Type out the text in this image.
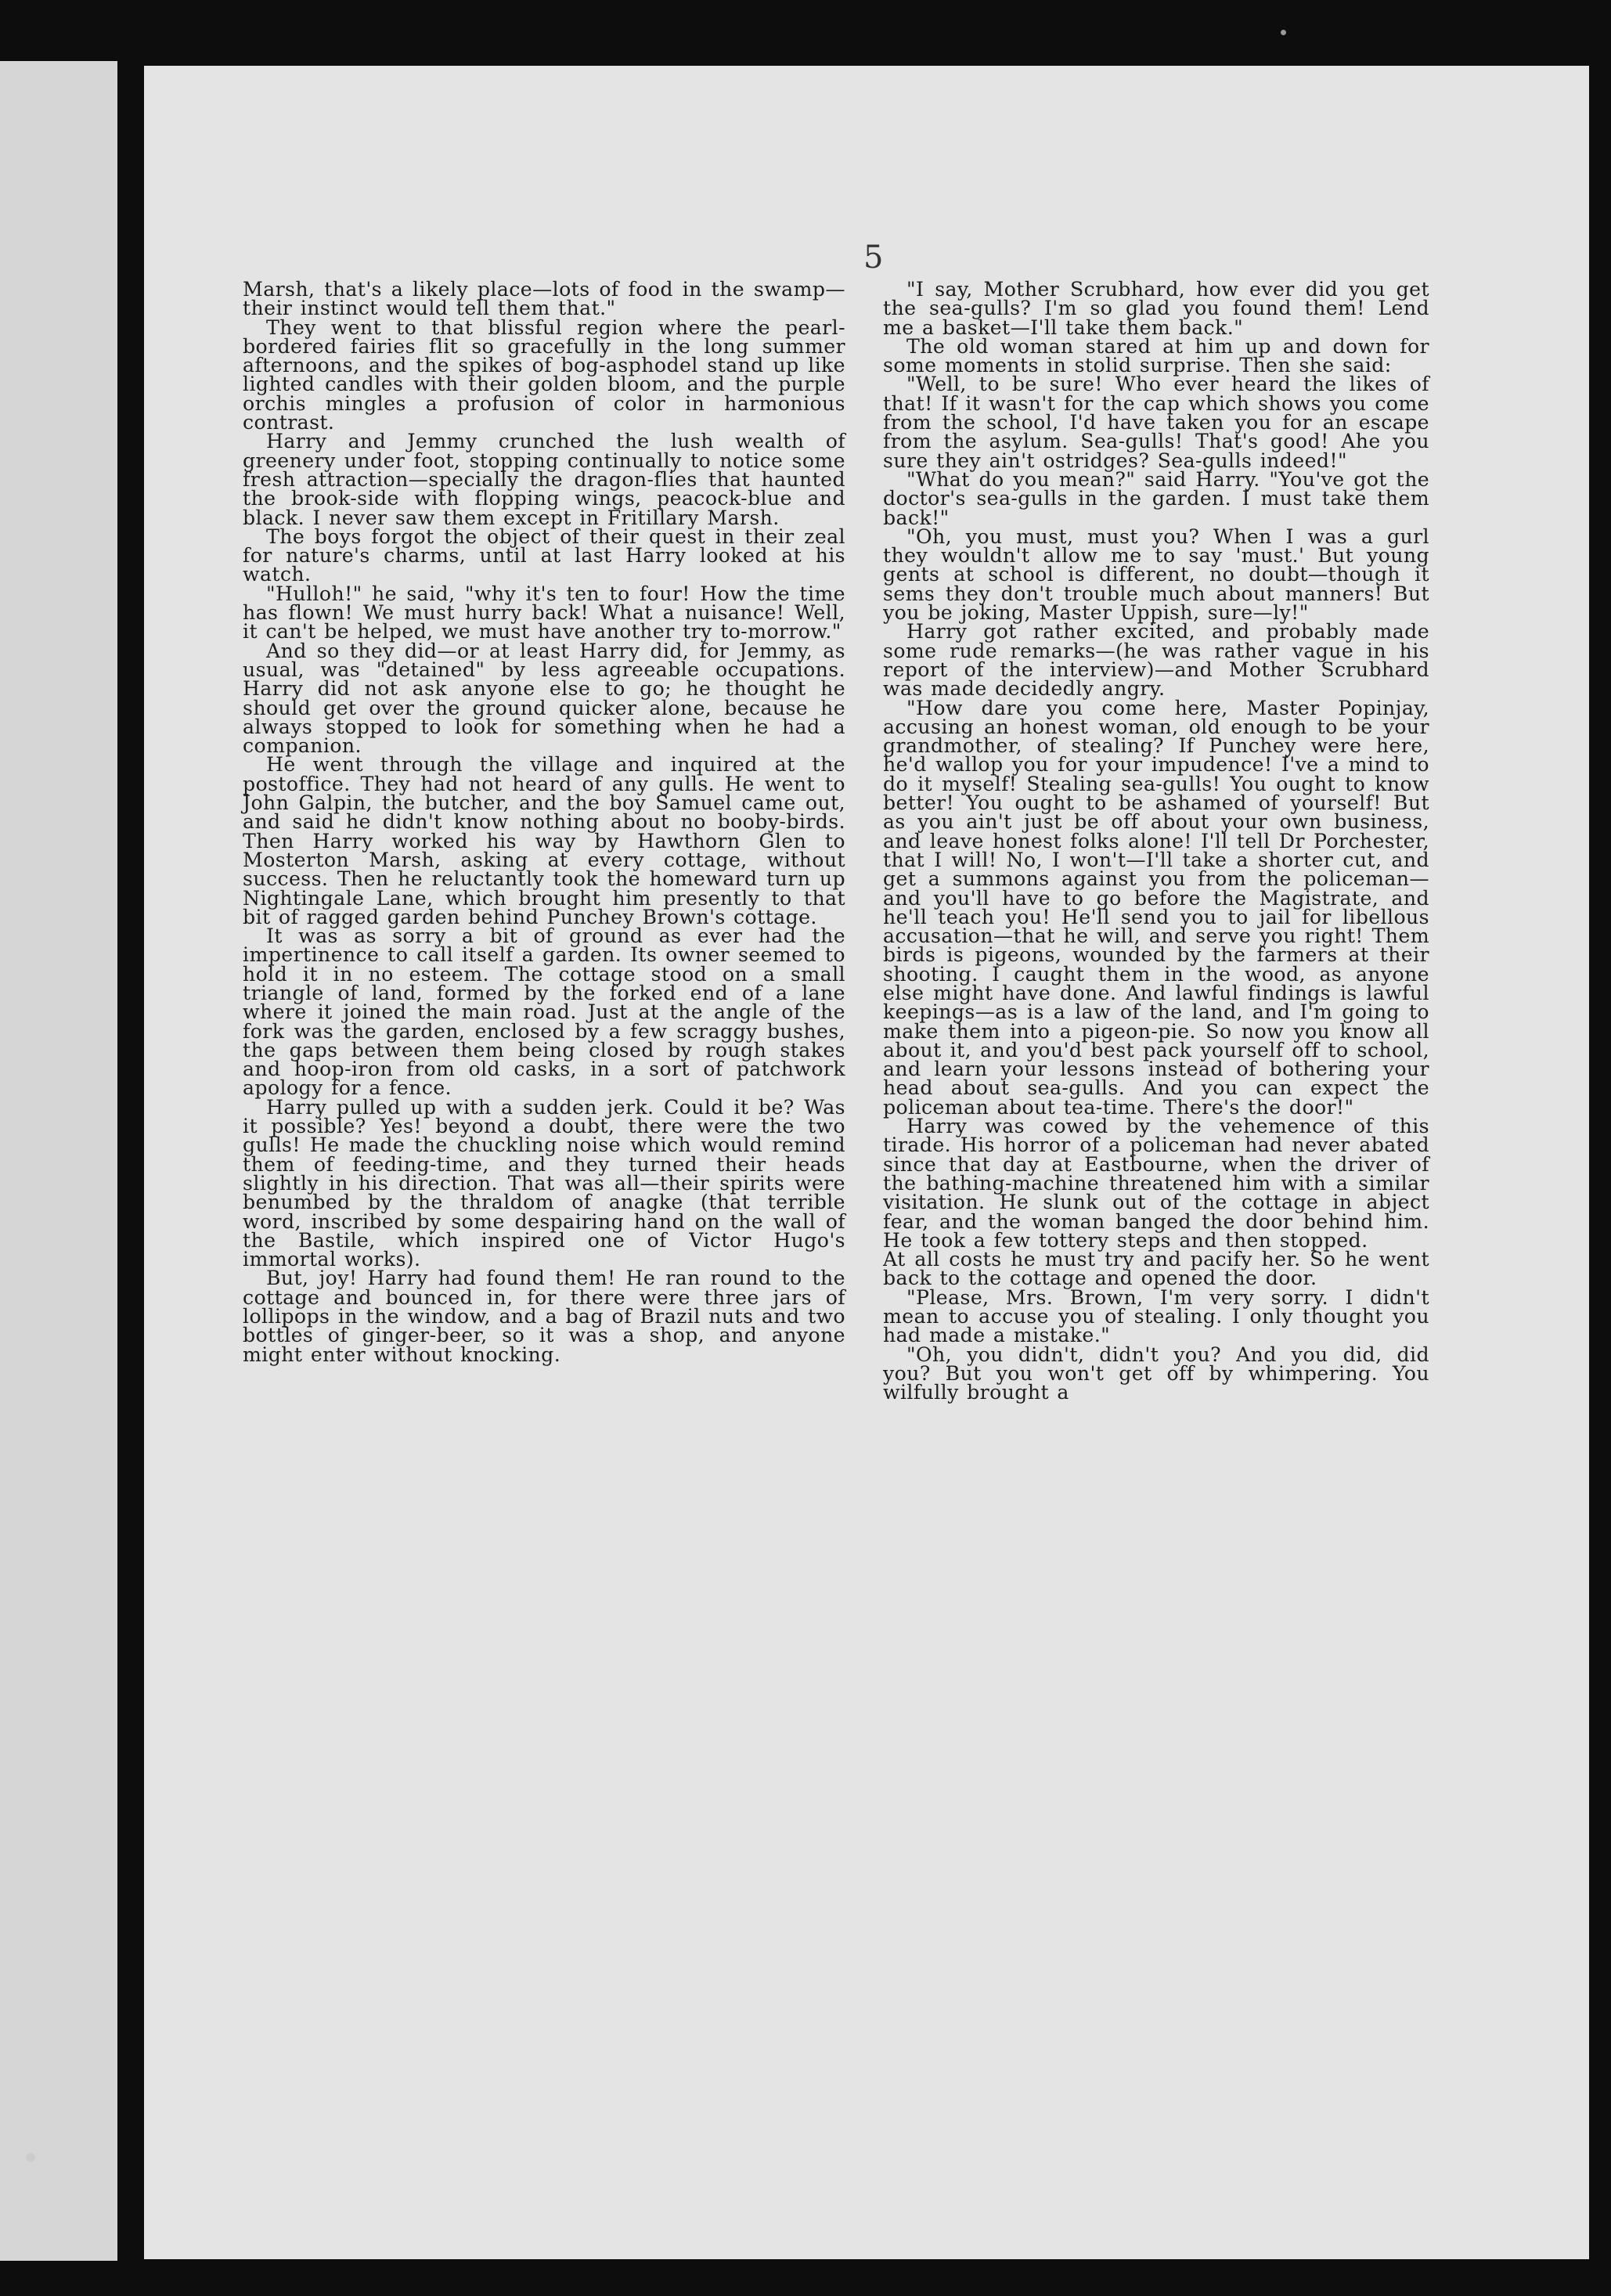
5

Marsh, that's a likely place—lots of food in the swamp—their instinct would tell them that."

They went to that blissful region where the pearl-bordered fairies flit so gracefully in the long summer afternoons, and the spikes of bog-asphodel stand up like lighted candles with their golden bloom, and the purple orchis mingles a profusion of color in harmonious contrast.

Harry and Jemmy crunched the lush wealth of greenery under foot, stopping continually to notice some fresh attraction—specially the dragon-flies that haunted the brook-side with flopping wings, peacock-blue and black. I never saw them except in Fritillary Marsh.

The boys forgot the object of their quest in their zeal for nature's charms, until at last Harry looked at his watch.

"Hulloh!" he said, "why it's ten to four! How the time has flown! We must hurry back! What a nuisance! Well, it can't be helped, we must have another try to-morrow."

And so they did—or at least Harry did, for Jemmy, as usual, was "detained" by less agreeable occupations. Harry did not ask anyone else to go; he thought he should get over the ground quicker alone, because he always stopped to look for something when he had a companion.

He went through the village and inquired at the postoffice. They had not heard of any gulls. He went to John Galpin, the butcher, and the boy Samuel came out, and said he didn't know nothing about no booby-birds. Then Harry worked his way by Hawthorn Glen to Mosterton Marsh, asking at every cottage, without success. Then he reluctantly took the homeward turn up Nightingale Lane, which brought him presently to that bit of ragged garden behind Punchey Brown's cottage.

It was as sorry a bit of ground as ever had the impertinence to call itself a garden. Its owner seemed to hold it in no esteem. The cottage stood on a small triangle of land, formed by the forked end of a lane where it joined the main road. Just at the angle of the fork was the garden, enclosed by a few scraggy bushes, the gaps between them being closed by rough stakes and hoop-iron from old casks, in a sort of patchwork apology for a fence.

Harry pulled up with a sudden jerk. Could it be? Was it possible? Yes! beyond a doubt, there were the two gulls! He made the chuckling noise which would remind them of feeding-time, and they turned their heads slightly in his direction. That was all—their spirits were benumbed by the thraldom of anagke (that terrible word, inscribed by some despairing hand on the wall of the Bastile, which inspired one of Victor Hugo's immortal works).

But, joy! Harry had found them! He ran round to the cottage and bounced in, for there were three jars of lollipops in the window, and a bag of Brazil nuts and two bottles of ginger-beer, so it was a shop, and anyone might enter without knocking.

"I say, Mother Scrubhard, how ever did you get the sea-gulls? I'm so glad you found them! Lend me a basket—I'll take them back."

The old woman stared at him up and down for some moments in stolid surprise. Then she said:

"Well, to be sure! Who ever heard the likes of that! If it wasn't for the cap which shows you come from the school, I'd have taken you for an escape from the asylum. Sea-gulls! That's good! Ahe you sure they ain't ostridges? Sea-gulls indeed!"

"What do you mean?" said Harry. "You've got the doctor's sea-gulls in the garden. I must take them back!"

"Oh, you must, must you? When I was a gurl they wouldn't allow me to say 'must.' But young gents at school is different, no doubt—though it sems they don't trouble much about manners! But you be joking, Master Uppish, sure—ly!"

Harry got rather excited, and probably made some rude remarks—(he was rather vague in his report of the interview)—and Mother Scrubhard was made decidedly angry.

"How dare you come here, Master Popinjay, accusing an honest woman, old enough to be your grandmother, of stealing? If Punchey were here, he'd wallop you for your impudence! I've a mind to do it myself! Stealing sea-gulls! You ought to know better! You ought to be ashamed of yourself! But as you ain't just be off about your own business, and leave honest folks alone! I'll tell Dr Porchester, that I will! No, I won't—I'll take a shorter cut, and get a summons against you from the policeman—and you'll have to go before the Magistrate, and he'll teach you! He'll send you to jail for libellous accusation—that he will, and serve you right! Them birds is pigeons, wounded by the farmers at their shooting. I caught them in the wood, as anyone else might have done. And lawful findings is lawful keepings—as is a law of the land, and I'm going to make them into a pigeon-pie. So now you know all about it, and you'd best pack yourself off to school, and learn your lessons instead of bothering your head about sea-gulls. And you can expect the policeman about tea-time. There's the door!"

Harry was cowed by the vehemence of this tirade. His horror of a policeman had never abated since that day at Eastbourne, when the driver of the bathing-machine threatened him with a similar visitation. He slunk out of the cottage in abject fear, and the woman banged the door behind him. He took a few tottery steps and then stopped.

At all costs he must try and pacify her. So he went back to the cottage and opened the door.

"Please, Mrs. Brown, I'm very sorry. I didn't mean to accuse you of stealing. I only thought you had made a mistake."

"Oh, you didn't, didn't you? And you did, did you? But you won't get off by whimpering. You wilfully brought a
